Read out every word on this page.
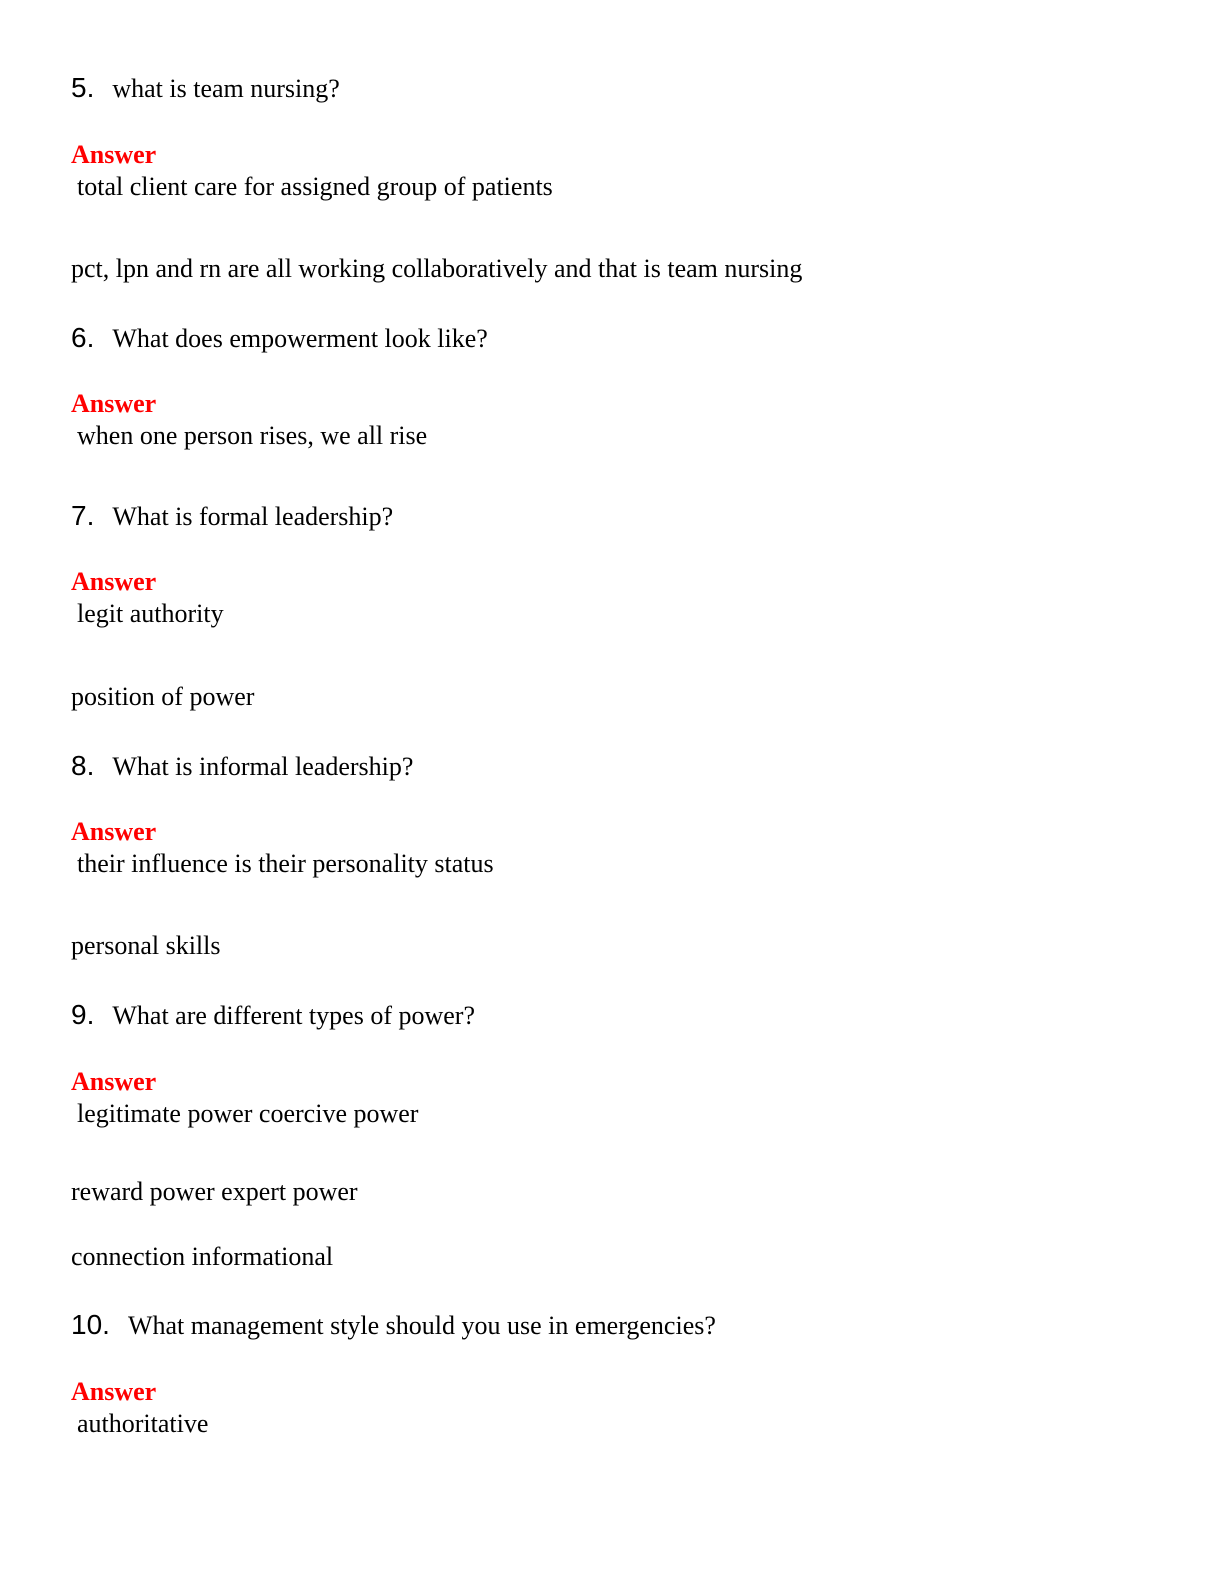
5. what is team nursing?
Answer
total client care for assigned group of patients
pct, lpn and rn are all working collaboratively and that is team nursing
6. What does empowerment look like?
Answer
when one person rises, we all rise
7. What is formal leadership?
Answer
legit authority
position of power
8. What is informal leadership?
Answer
their influence is their personality status
personal skills
9. What are different types of power?
Answer
legitimate power coercive power
reward power expert power
connection informational
10. What management style should you use in emergencies?
Answer
authoritative
